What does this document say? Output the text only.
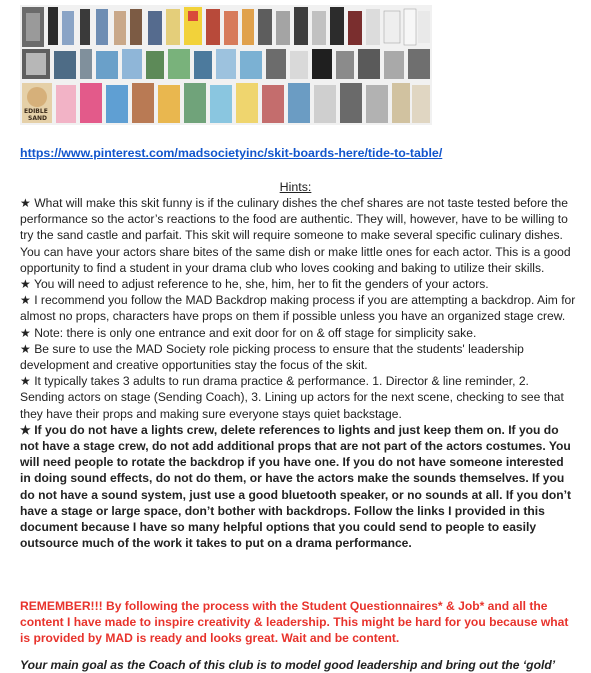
EDIBLE
SAND
https://www.pinterest.com/madsocietyinc/skit-boards-here/tide-to-table/
Hints:

★ What will make this skit funny is if the culinary dishes the chef shares are not taste tested before the performance so the actor’s reactions to the food are authentic. They will, however, have to be willing to try the sand castle and parfait. This skit will require someone to make several specific culinary dishes. You can have your actors share bites of the same dish or make little ones for each actor. This is a good opportunity to find a student in your drama club who loves cooking and baking to utilize their skills.

★ You will need to adjust reference to he, she, him, her to fit the genders of your actors.

★ I recommend you follow the MAD Backdrop making process if you are attempting a backdrop. Aim for almost no props, characters have props on them if possible unless you have an organized stage crew.

★ Note: there is only one entrance and exit door for on & off stage for simplicity sake.

★ Be sure to use the MAD Society role picking process to ensure that the students' leadership development and creative opportunities stay the focus of the skit.

★ It typically takes 3 adults to run drama practice & performance. 1. Director & line reminder, 2. Sending actors on stage (Sending Coach), 3. Lining up actors for the next scene, checking to see that they have their props and making sure everyone stays quiet backstage.

★ If you do not have a lights crew, delete references to lights and just keep them on. If you do not have a stage crew, do not add additional props that are not part of the actors costumes. You will need people to rotate the backdrop if you have one. If you do not have someone interested in doing sound effects, do not do them, or have the actors make the sounds themselves. If you do not have a sound system, just use a good bluetooth speaker, or no sounds at all. If you don’t have a stage or large space, don’t bother with backdrops. Follow the links I provided in this document because I have so many helpful options that you could send to people to easily outsource much of the work it takes to put on a drama performance.

REMEMBER!!! By following the process with the Student Questionnaires* & Job* and all the content I have made to inspire creativity & leadership. This might be hard for you because what is provided by MAD is ready and looks great. Wait and be content.
Your main goal as the Coach of this club is to model good leadership and bring out the ‘gold’
